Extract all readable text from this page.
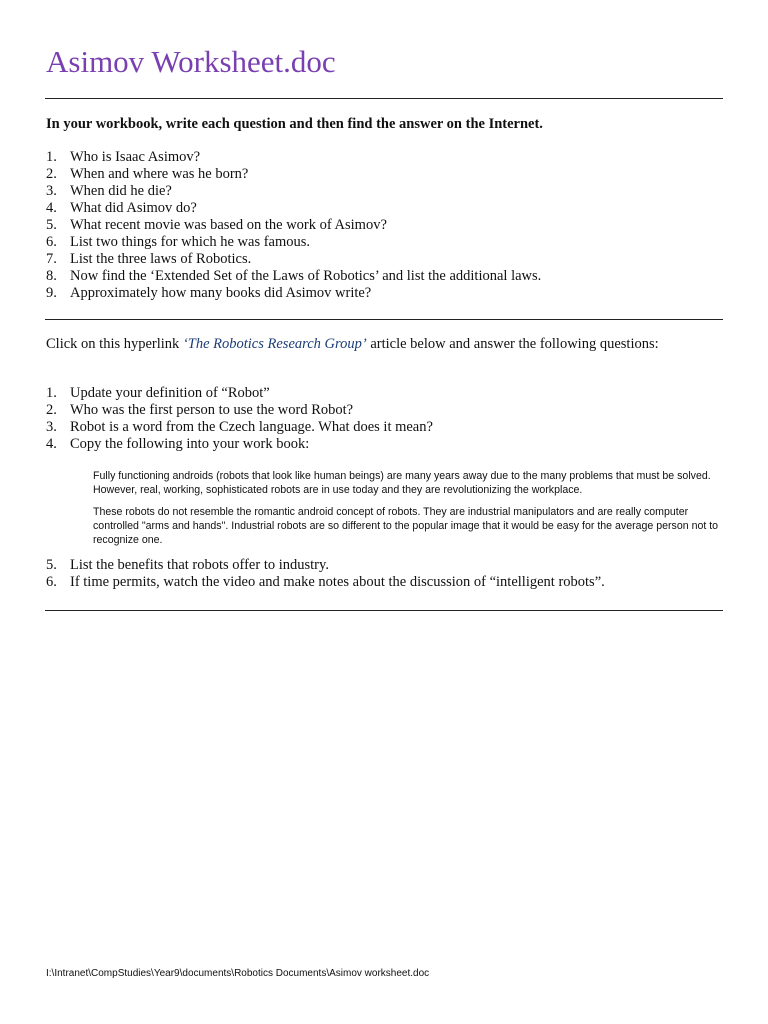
Asimov Worksheet.doc
In your workbook, write each question and then find the answer on the Internet.
1. Who is Isaac Asimov?
2. When and where was he born?
3. When did he die?
4. What did Asimov do?
5. What recent movie was based on the work of Asimov?
6. List two things for which he was famous.
7. List the three laws of Robotics.
8. Now find the ‘Extended Set of the Laws of Robotics’ and list the additional laws.
9. Approximately how many books did Asimov write?
Click on this hyperlink ‘The Robotics Research Group’ article below and answer the following questions:
1. Update your definition of “Robot”
2. Who was the first person to use the word Robot?
3. Robot is a word from the Czech language. What does it mean?
4. Copy the following into your work book:
Fully functioning androids (robots that look like human beings) are many years away due to the many problems that must be solved. However, real, working, sophisticated robots are in use today and they are revolutionizing the workplace.
These robots do not resemble the romantic android concept of robots. They are industrial manipulators and are really computer controlled "arms and hands". Industrial robots are so different to the popular image that it would be easy for the average person not to recognize one.
5. List the benefits that robots offer to industry.
6. If time permits, watch the video and make notes about the discussion of “intelligent robots”.
I:\Intranet\CompStudies\Year9\documents\Robotics Documents\Asimov worksheet.doc
